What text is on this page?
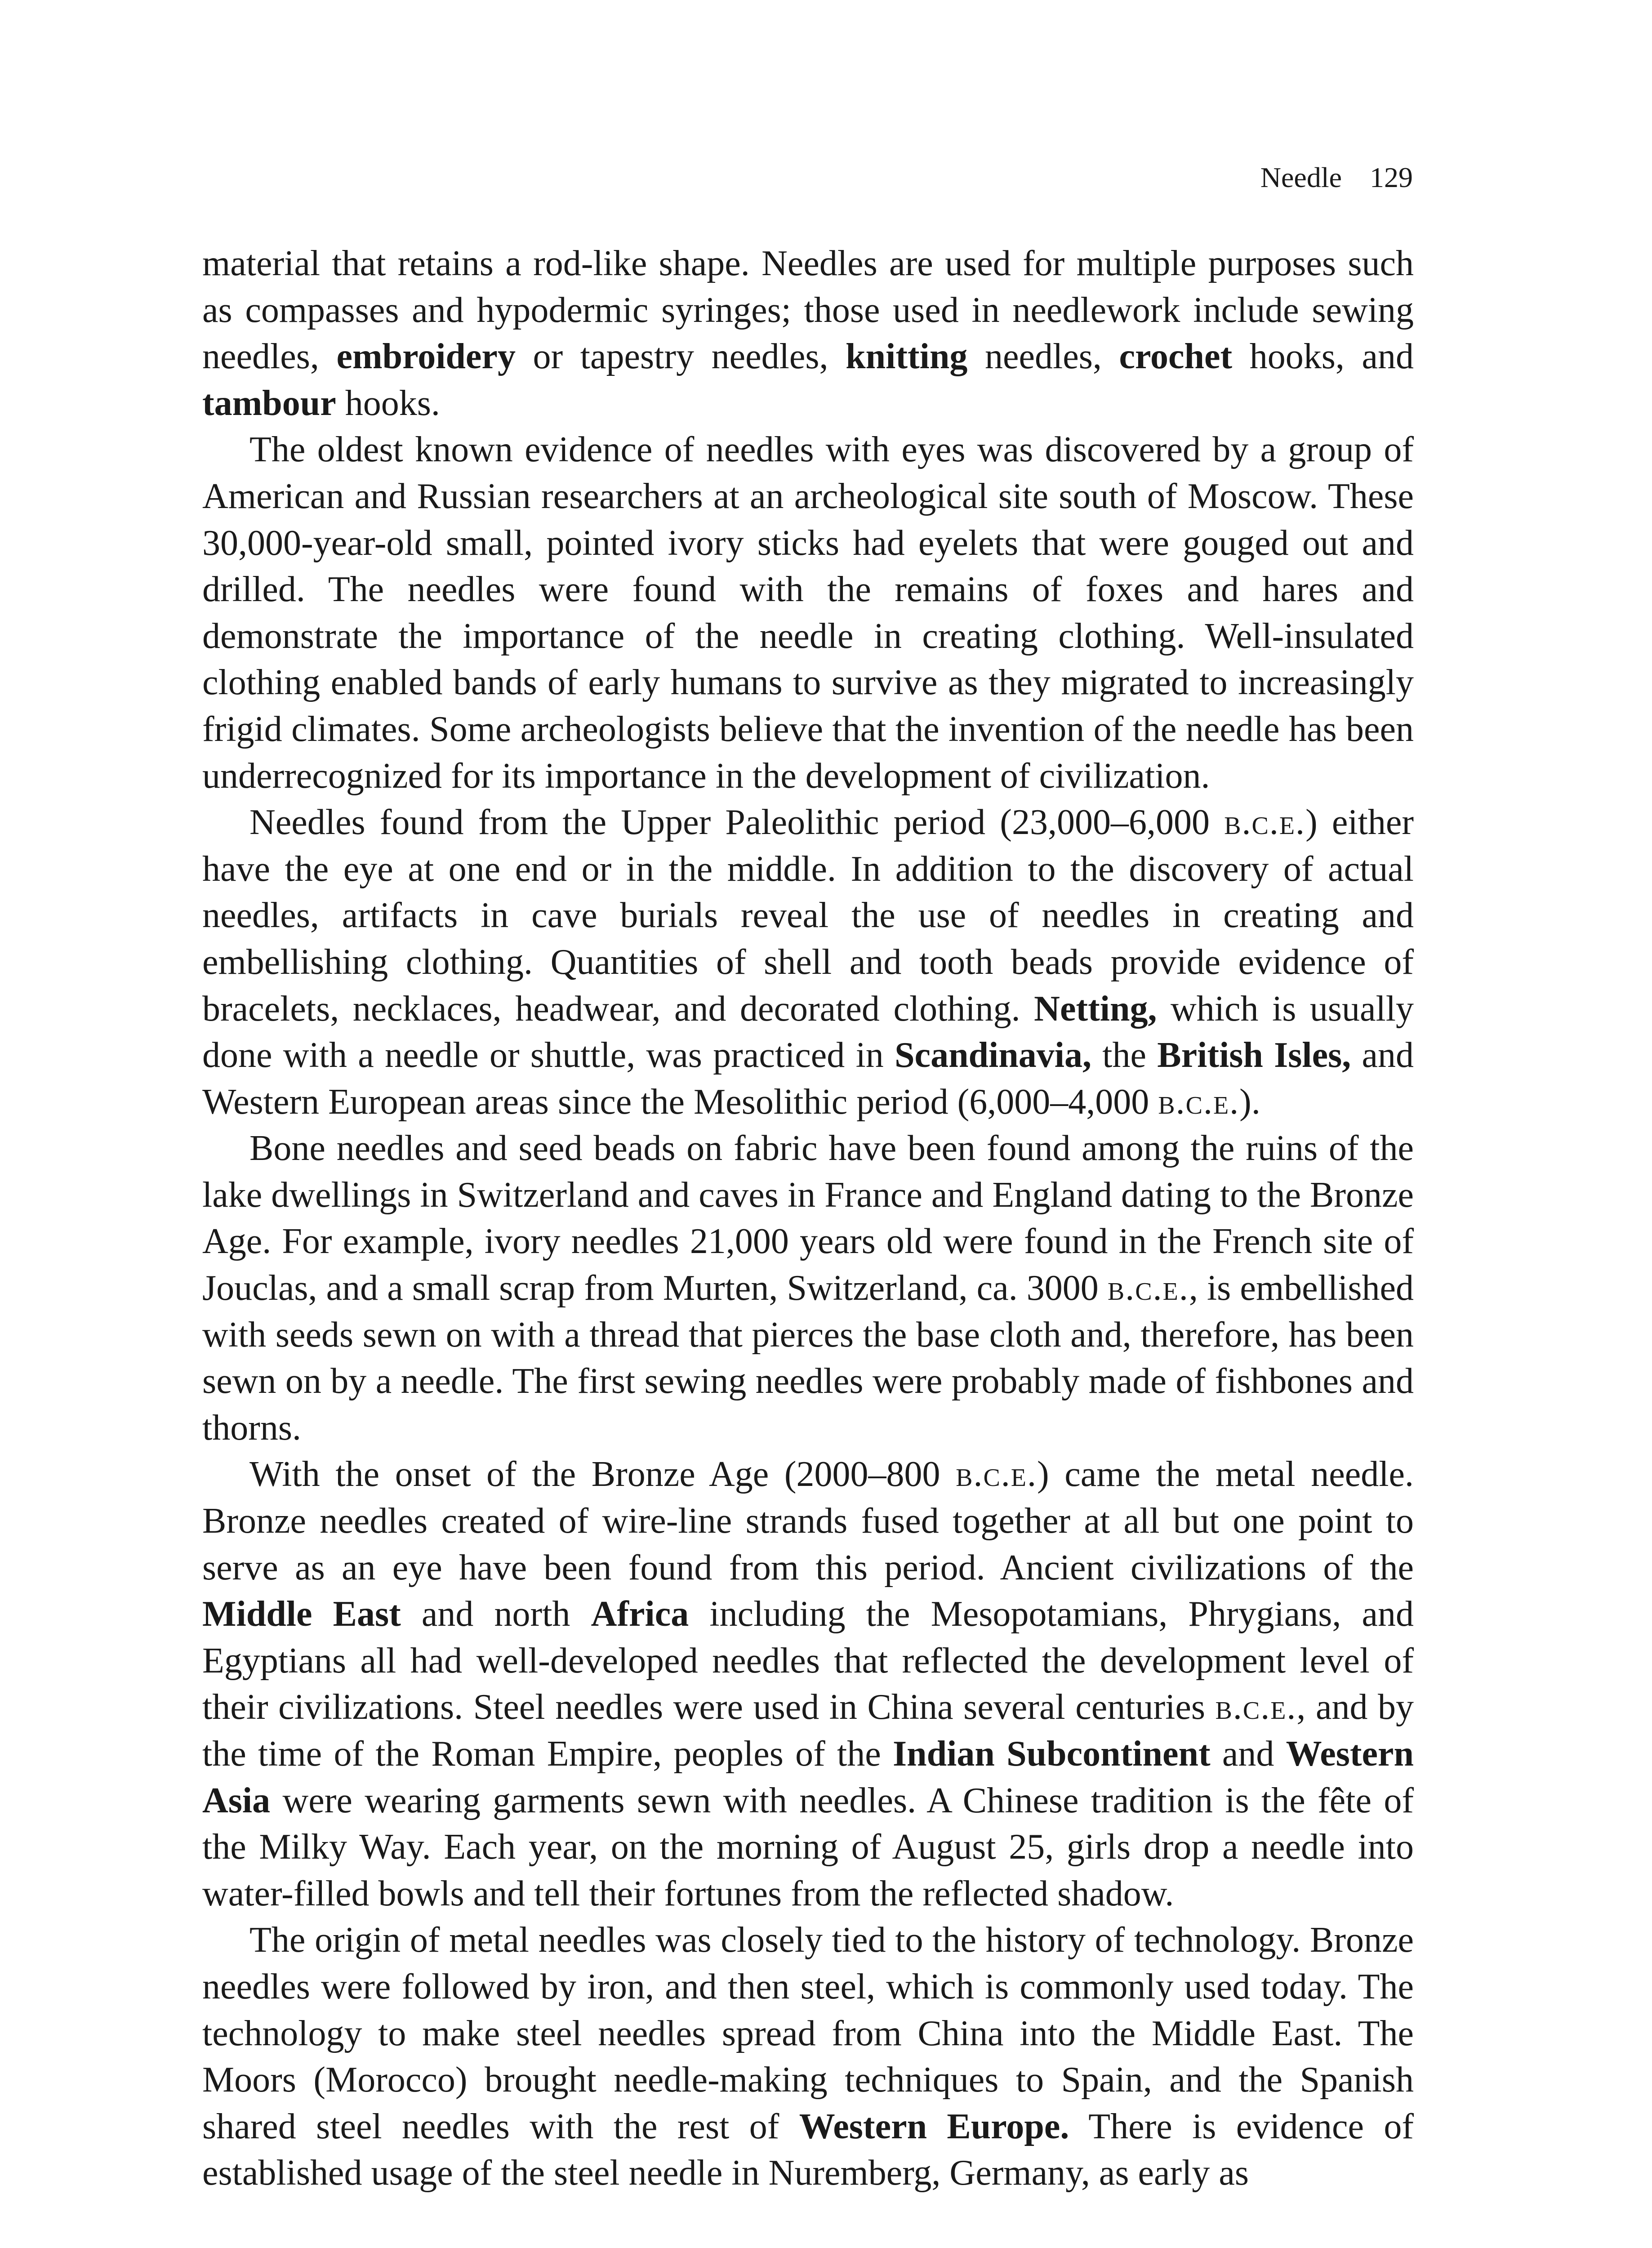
Needle 129

material that retains a rod-like shape. Needles are used for multiple purposes such as compasses and hypodermic syringes; those used in needlework include sewing needles, embroidery or tapestry needles, knitting needles, crochet hooks, and tambour hooks.

The oldest known evidence of needles with eyes was discovered by a group of American and Russian researchers at an archeological site south of Moscow. These 30,000-year-old small, pointed ivory sticks had eyelets that were gouged out and drilled. The needles were found with the remains of foxes and hares and demonstrate the importance of the needle in creating clothing. Well-insulated clothing enabled bands of early humans to survive as they migrated to increasingly frigid climates. Some archeologists believe that the invention of the needle has been underrecognized for its importance in the development of civilization.

Needles found from the Upper Paleolithic period (23,000–6,000 b.c.e.) either have the eye at one end or in the middle. In addition to the discovery of actual needles, artifacts in cave burials reveal the use of needles in creating and embellishing clothing. Quantities of shell and tooth beads provide evidence of bracelets, necklaces, headwear, and decorated clothing. Netting, which is usually done with a needle or shuttle, was practiced in Scandinavia, the British Isles, and Western European areas since the Mesolithic period (6,000–4,000 b.c.e.).

Bone needles and seed beads on fabric have been found among the ruins of the lake dwellings in Switzerland and caves in France and England dating to the Bronze Age. For example, ivory needles 21,000 years old were found in the French site of Jouclas, and a small scrap from Murten, Switzerland, ca. 3000 b.c.e., is embellished with seeds sewn on with a thread that pierces the base cloth and, therefore, has been sewn on by a needle. The first sewing needles were probably made of fishbones and thorns.

With the onset of the Bronze Age (2000–800 b.c.e.) came the metal needle. Bronze needles created of wire-line strands fused together at all but one point to serve as an eye have been found from this period. Ancient civilizations of the Middle East and north Africa including the Mesopotamians, Phrygians, and Egyptians all had well-developed needles that reflected the development level of their civilizations. Steel needles were used in China several centuries b.c.e., and by the time of the Roman Empire, peoples of the Indian Subcontinent and Western Asia were wearing garments sewn with needles. A Chinese tradition is the fête of the Milky Way. Each year, on the morning of August 25, girls drop a needle into water-filled bowls and tell their fortunes from the reflected shadow.

The origin of metal needles was closely tied to the history of technology. Bronze needles were followed by iron, and then steel, which is commonly used today. The technology to make steel needles spread from China into the Middle East. The Moors (Morocco) brought needle-making techniques to Spain, and the Spanish shared steel needles with the rest of Western Europe. There is evidence of established usage of the steel needle in Nuremberg, Germany, as early as
